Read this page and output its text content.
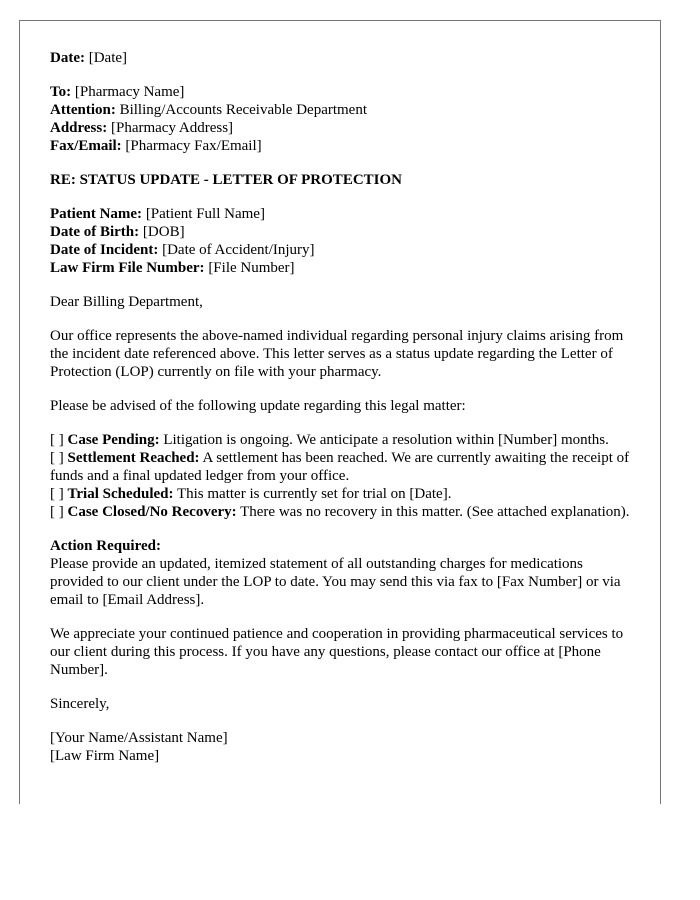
Date: [Date]
To: [Pharmacy Name]
Attention: Billing/Accounts Receivable Department
Address: [Pharmacy Address]
Fax/Email: [Pharmacy Fax/Email]
RE: STATUS UPDATE - LETTER OF PROTECTION
Patient Name: [Patient Full Name]
Date of Birth: [DOB]
Date of Incident: [Date of Accident/Injury]
Law Firm File Number: [File Number]

Dear Billing Department,

Our office represents the above-named individual regarding personal injury claims arising from the incident date referenced above. This letter serves as a status update regarding the Letter of Protection (LOP) currently on file with your pharmacy.

Please be advised of the following update regarding this legal matter:

[ ] Case Pending: Litigation is ongoing. We anticipate a resolution within [Number] months.
[ ] Settlement Reached: A settlement has been reached. We are currently awaiting the receipt of funds and a final updated ledger from your office.
[ ] Trial Scheduled: This matter is currently set for trial on [Date].
[ ] Case Closed/No Recovery: There was no recovery in this matter. (See attached explanation).
Action Required:
Please provide an updated, itemized statement of all outstanding charges for medications provided to our client under the LOP to date. You may send this via fax to [Fax Number] or via email to [Email Address].

We appreciate your continued patience and cooperation in providing pharmaceutical services to our client during this process. If you have any questions, please contact our office at [Phone Number].

Sincerely,

[Your Name/Assistant Name]
[Law Firm Name]
